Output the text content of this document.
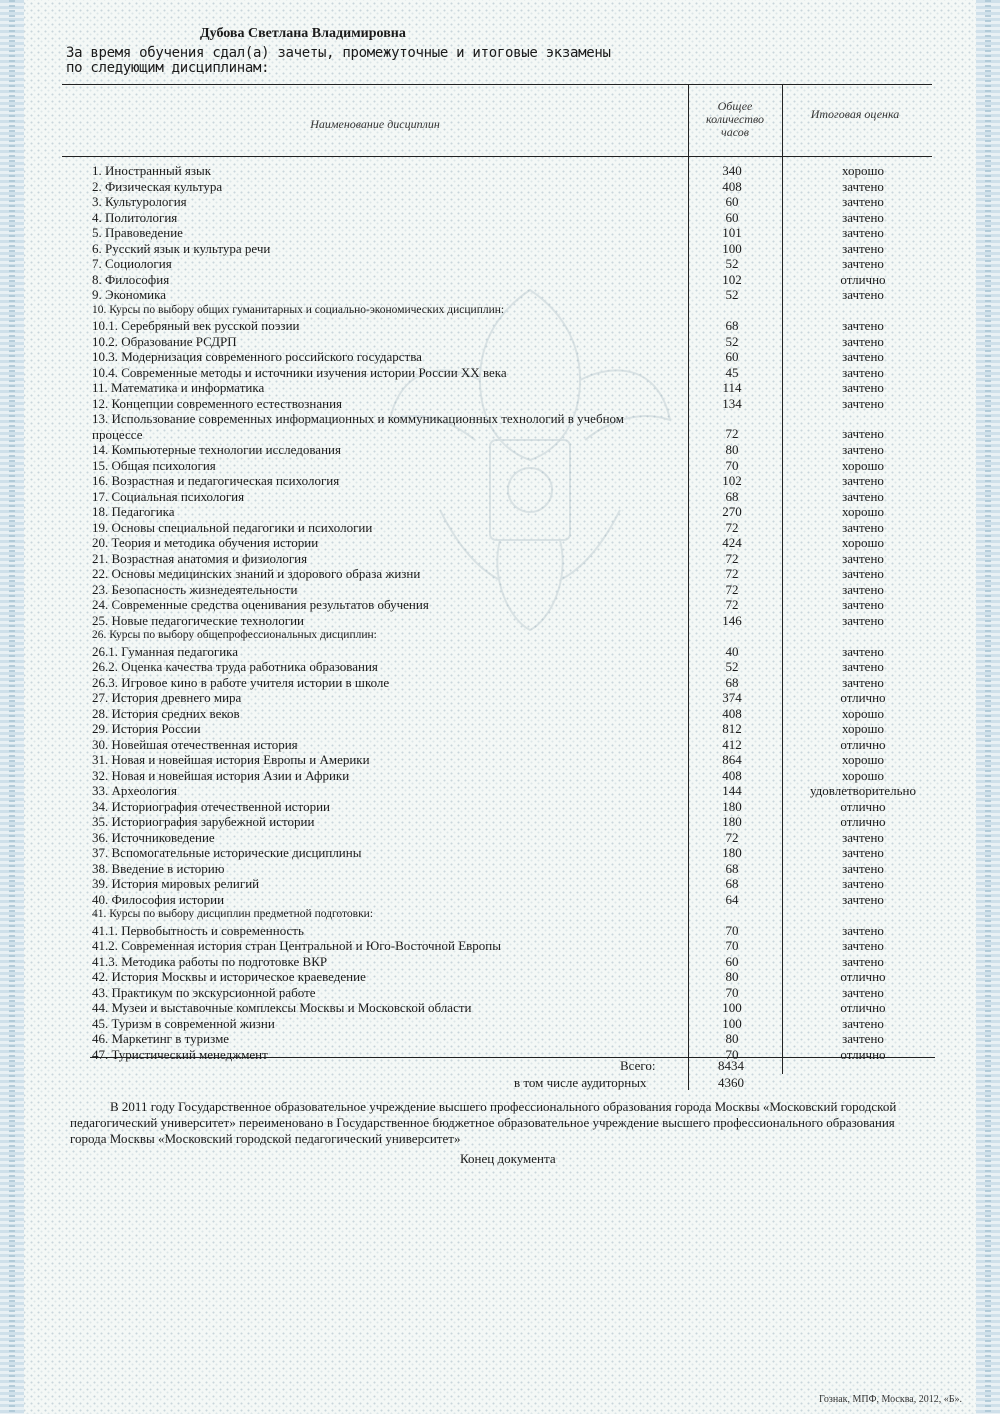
Дубова Светлана Владимировна
За время обучения сдал(а) зачеты, промежуточные и итоговые экзамены
по следующим дисциплинам:
Наименование дисциплин
Общее количество часов
Итоговая оценка
1. Иностранный язык	340	хорошо
2. Физическая культура	408	зачтено
3. Культурология	60	зачтено
4. Политология	60	зачтено
5. Правоведение	101	зачтено
6. Русский язык и культура речи	100	зачтено
7. Социология	52	зачтено
8. Философия	102	отлично
9. Экономика	52	зачтено
10. Курсы по выбору общих гуманитарных и социально-экономических дисциплин:
10.1. Серебряный век русской поэзии	68	зачтено
10.2. Образование РСДРП	52	зачтено
10.3. Модернизация современного российского государства	60	зачтено
10.4. Современные методы и источники изучения истории России XX века	45	зачтено
11. Математика и информатика	114	зачтено
12. Концепции современного естествознания	134	зачтено
13. Использование современных информационных и коммуникационных технологий в учебном процессе	72	зачтено
14. Компьютерные технологии исследования	80	зачтено
15. Общая психология	70	хорошо
16. Возрастная и педагогическая психология	102	зачтено
17. Социальная психология	68	зачтено
18. Педагогика	270	хорошо
19. Основы специальной педагогики и психологии	72	зачтено
20. Теория и методика обучения истории	424	хорошо
21. Возрастная анатомия и физиология	72	зачтено
22. Основы медицинских знаний и здорового образа жизни	72	зачтено
23. Безопасность жизнедеятельности	72	зачтено
24. Современные средства оценивания результатов обучения	72	зачтено
25. Новые педагогические технологии	146	зачтено
26. Курсы по выбору общепрофессиональных дисциплин:
26.1. Гуманная педагогика	40	зачтено
26.2. Оценка качества труда работника образования	52	зачтено
26.3. Игровое кино в работе учителя истории в школе	68	зачтено
27. История древнего мира	374	отлично
28. История средних веков	408	хорошо
29. История России	812	хорошо
30. Новейшая отечественная история	412	отлично
31. Новая и новейшая история Европы и Америки	864	хорошо
32. Новая и новейшая история Азии и Африки	408	хорошо
33. Археология	144	удовлетворительно
34. Историография отечественной истории	180	отлично
35. Историография зарубежной истории	180	отлично
36. Источниковедение	72	зачтено
37. Вспомогательные исторические дисциплины	180	зачтено
38. Введение в историю	68	зачтено
39. История мировых религий	68	зачтено
40. Философия истории	64	зачтено
41. Курсы по выбору дисциплин предметной подготовки:
41.1. Первобытность и современность	70	зачтено
41.2. Современная история стран Центральной и Юго-Восточной Европы	70	зачтено
41.3. Методика работы по подготовке ВКР	60	зачтено
42. История Москвы и историческое краеведение	80	отлично
43. Практикум по экскурсионной работе	70	зачтено
44. Музеи и выставочные комплексы Москвы и Московской области	100	отлично
45. Туризм в современной жизни	100	зачтено
46. Маркетинг в туризме	80	зачтено
47. Туристический менеджмент	70	отлично
Всего:	8434
в том числе аудиторных	4360
В 2011 году Государственное образовательное учреждение высшего профессионального образования города Москвы «Московский городской педагогический университет» переименовано в Государственное бюджетное образовательное учреждение высшего профессионального образования города Москвы «Московский городской педагогический университет»
Конец документа
Гознак, МПФ, Москва, 2012, «Б».
